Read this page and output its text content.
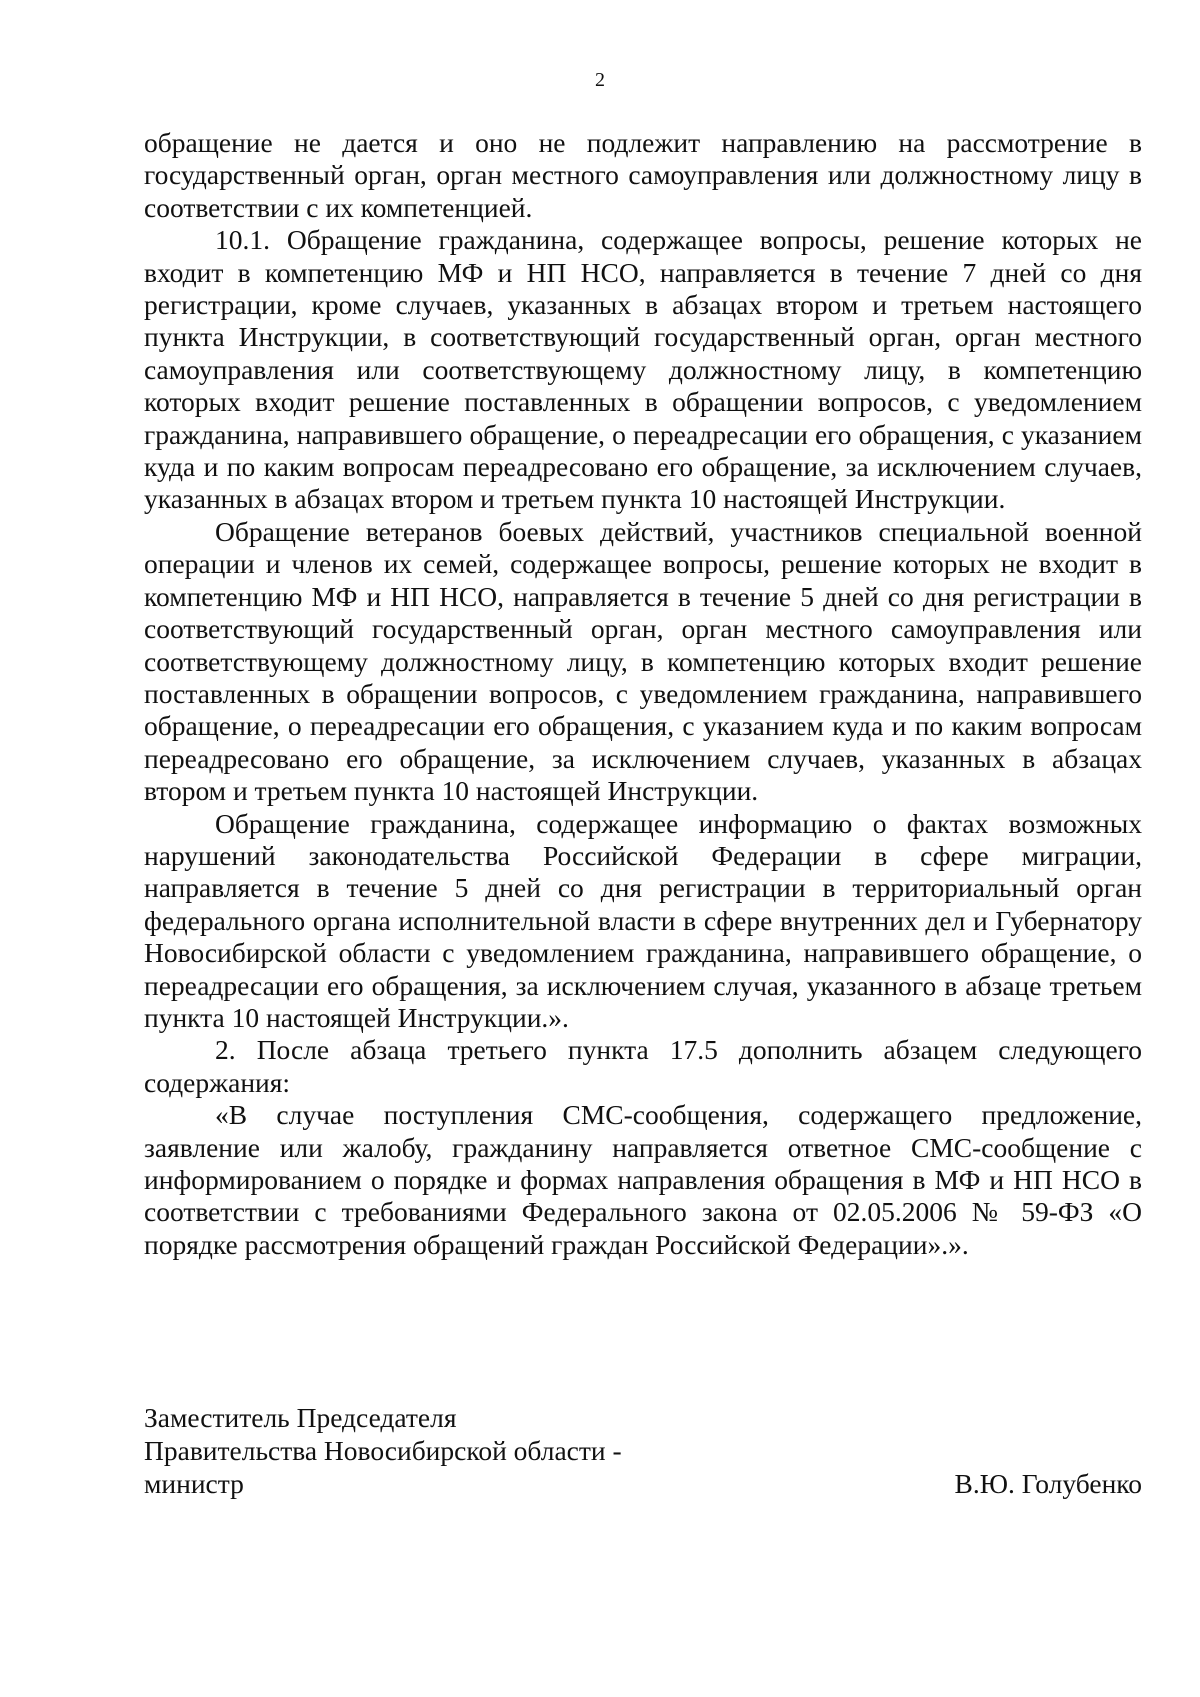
2

обращение не дается и оно не подлежит направлению на рассмотрение в государственный орган, орган местного самоуправления или должностному лицу в соответствии с их компетенцией.

10.1. Обращение гражданина, содержащее вопросы, решение которых не входит в компетенцию МФ и НП НСО, направляется в течение 7 дней со дня регистрации, кроме случаев, указанных в абзацах втором и третьем настоящего пункта Инструкции, в соответствующий государственный орган, орган местного самоуправления или соответствующему должностному лицу, в компетенцию которых входит решение поставленных в обращении вопросов, с уведомлением гражданина, направившего обращение, о переадресации его обращения, с указанием куда и по каким вопросам переадресовано его обращение, за исключением случаев, указанных в абзацах втором и третьем пункта 10 настоящей Инструкции.

Обращение ветеранов боевых действий, участников специальной военной операции и членов их семей, содержащее вопросы, решение которых не входит в компетенцию МФ и НП НСО, направляется в течение 5 дней со дня регистрации в соответствующий государственный орган, орган местного самоуправления или соответствующему должностному лицу, в компетенцию которых входит решение поставленных в обращении вопросов, с уведомлением гражданина, направившего обращение, о переадресации его обращения, с указанием куда и по каким вопросам переадресовано его обращение, за исключением случаев, указанных в абзацах втором и третьем пункта 10 настоящей Инструкции.

Обращение гражданина, содержащее информацию о фактах возможных нарушений законодательства Российской Федерации в сфере миграции, направляется в течение 5 дней со дня регистрации в территориальный орган федерального органа исполнительной власти в сфере внутренних дел и Губернатору Новосибирской области с уведомлением гражданина, направившего обращение, о переадресации его обращения, за исключением случая, указанного в абзаце третьем пункта 10 настоящей Инструкции.».

2. После абзаца третьего пункта 17.5 дополнить абзацем следующего содержания:

«В случае поступления СМС-сообщения, содержащего предложение, заявление или жалобу, гражданину направляется ответное СМС-сообщение с информированием о порядке и формах направления обращения в МФ и НП НСО в соответствии с требованиями Федерального закона от 02.05.2006 № 59-ФЗ «О порядке рассмотрения обращений граждан Российской Федерации».».

Заместитель Председателя
Правительства Новосибирской области -
министр	В.Ю. Голубенко
